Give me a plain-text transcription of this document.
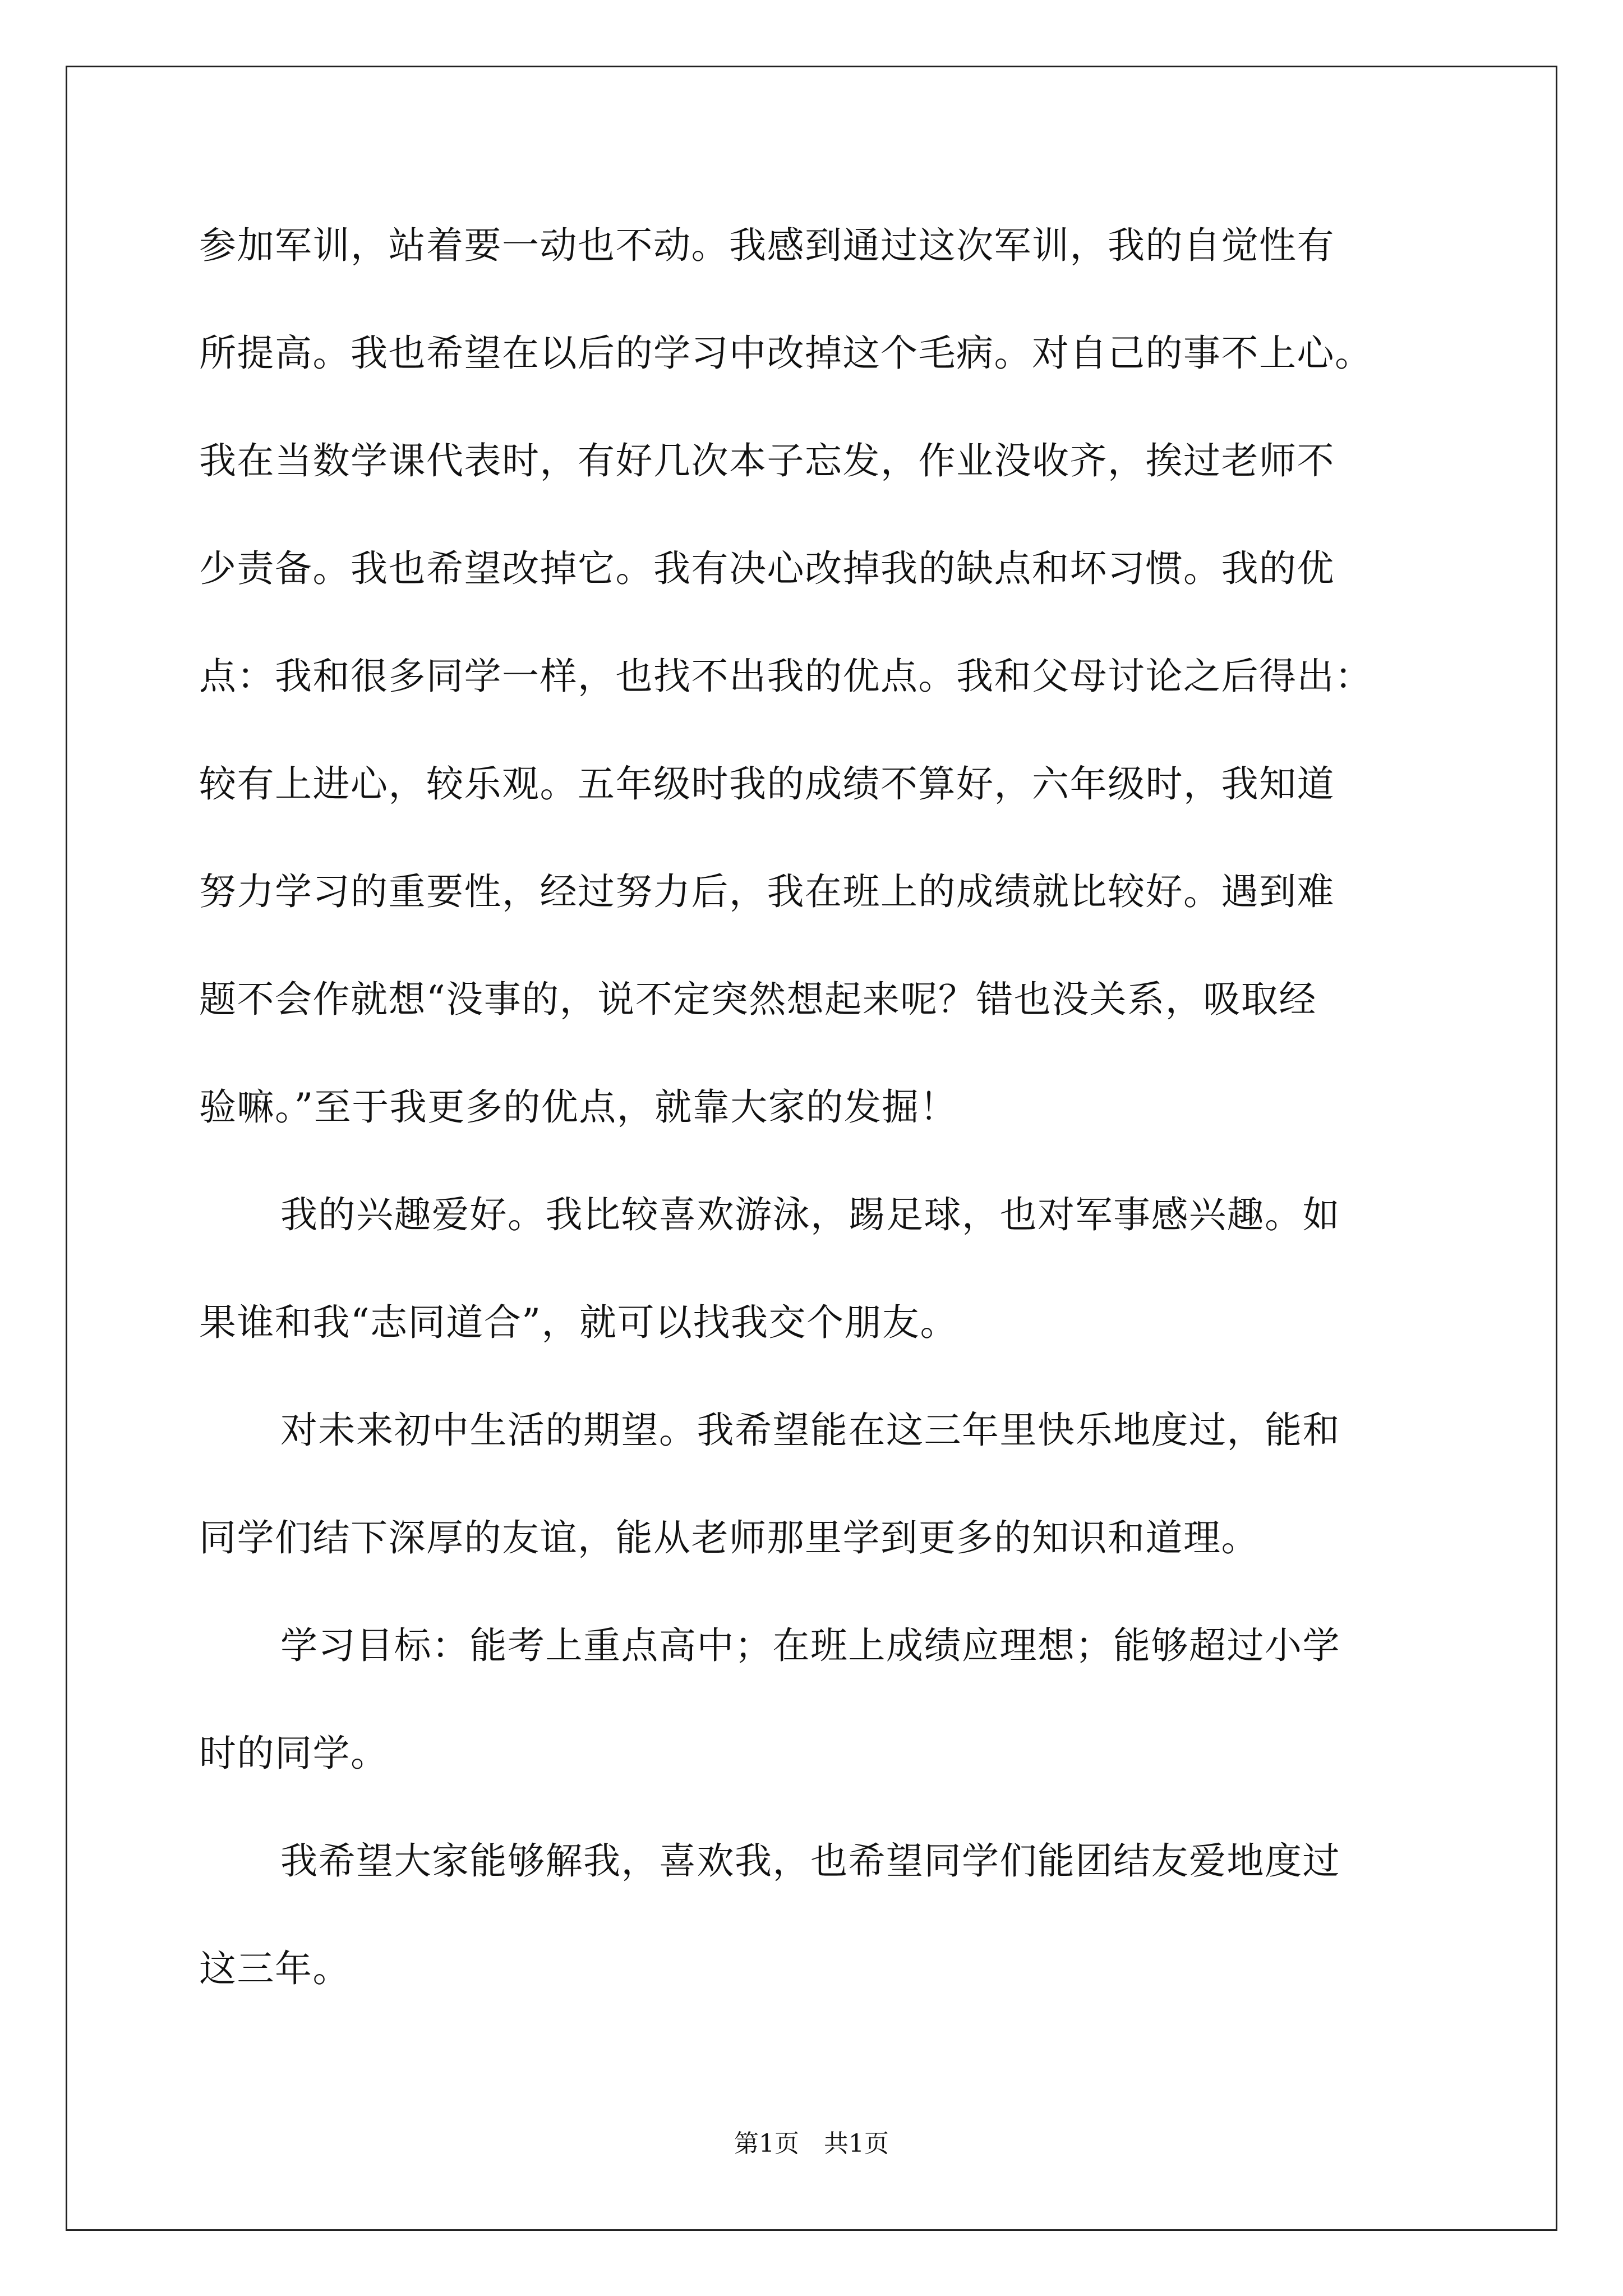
参加军训，站着要一动也不动。我感到通过这次军训，我的自觉性有
所提高。我也希望在以后的学习中改掉这个毛病。对自己的事不上心。
我在当数学课代表时，有好几次本子忘发，作业没收齐，挨过老师不
少责备。我也希望改掉它。我有决心改掉我的缺点和坏习惯。我的优
点：我和很多同学一样，也找不出我的优点。我和父母讨论之后得出：
较有上进心，较乐观。五年级时我的成绩不算好，六年级时，我知道
努力学习的重要性，经过努力后，我在班上的成绩就比较好。遇到难
题不会作就想“没事的，说不定突然想起来呢？错也没关系，吸取经
验嘛。”至于我更多的优点，就靠大家的发掘！
我的兴趣爱好。我比较喜欢游泳，踢足球，也对军事感兴趣。如
果谁和我“志同道合”，就可以找我交个朋友。
对未来初中生活的期望。我希望能在这三年里快乐地度过，能和
同学们结下深厚的友谊，能从老师那里学到更多的知识和道理。
学习目标：能考上重点高中；在班上成绩应理想；能够超过小学
时的同学。
我希望大家能够解我，喜欢我，也希望同学们能团结友爱地度过
这三年。
第1页　共1页
